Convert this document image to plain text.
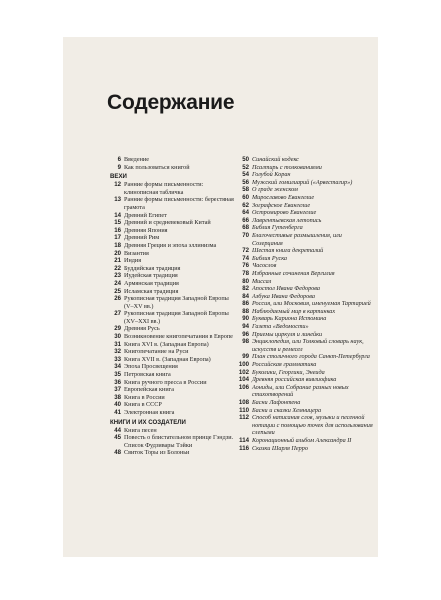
Содержание
6 Введение
9 Как пользоваться книгой
ВЕХИ
12 Ранние формы письменности: клинописная табличка
13 Ранние формы письменности: берестяная грамота
14 Древний Египет
15 Древний и средневековый Китай
16 Древняя Япония
17 Древний Рим
18 Древняя Греция и эпоха эллинизма
20 Византия
21 Индия
22 Буддийская традиция
23 Иудейская традиция
24 Армянская традиция
25 Исламская традиция
26 Рукописная традиция Западной Европы (V–XV вв.)
27 Рукописная традиция Западной Европы (XV–XXI вв.)
29 Древняя Русь
30 Возникновение книгопечатания в Европе
31 Книга XVI в. (Западная Европа)
32 Книгопечатание на Руси
33 Книга XVII в. (Западная Европа)
34 Эпоха Просвещения
35 Петровская книга
36 Книга ручного пресса в России
37 Европейская книга
38 Книга в России
40 Книга в СССР
41 Электронная книга
КНИГИ И ИХ СОЗДАТЕЛИ
44 Книга песен
45 Повесть о блистательном принце Гэндзи. Список Фудзивары Тэйки
48 Свиток Торы из Болоньи
50 Синайский кодекс
52 Псалтирь с толкованиями
54 Голубой Коран
56 Мужский гомилиарий («Арвестагир»)
58 О граде женском
60 Мирославово Евангелие
62 Зографское Евангелие
64 Остромирово Евангелие
66 Лаврентьевская летопись
68 Библия Гутенберга
70 Благочестивые размышления, или Созерцания
72 Шестая книга декреталий
74 Библия Руска
76 Часослов
78 Избранные сочинения Вергилия
80 Миссал
82 Апостол Ивана Федорова
84 Азбука Ивана Федорова
86 Россия, или Московия, именуемая Тартарией
88 Наблюдаемый мир в картинках
90 Букварь Кариона Истомина
94 Газета «Ведомости»
96 Приемы циркуля и линейки
98 Энциклопедия, или Толковый словарь наук, искусств и ремесел
99 План столичного города Санкт-Петербурга
100 Российская грамматика
102 Буколики, Георгики, Энеида
104 Древняя российская вивлиофика
106 Аониды, или Собрание разных новых стихотворений
108 Басни Лафонтена
110 Басни и сказки Хемницера
112 Способ написания слов, музыки и песенной нотации с помощью точек для использования слепыми
114 Коронационный альбом Александра II
116 Сказки Шарля Перро
